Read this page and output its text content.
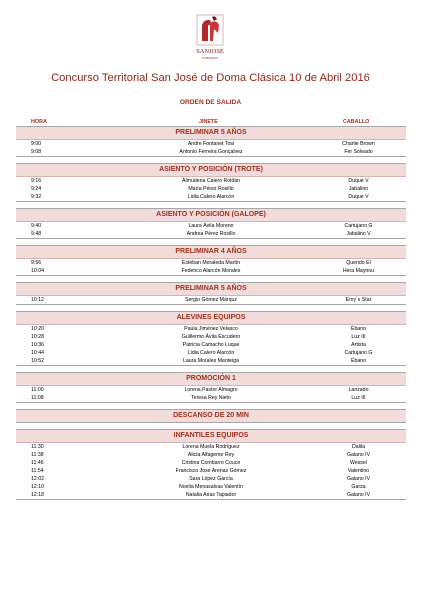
SANJOSE
CLUB HIPICO
Concurso Territorial San José de Doma Clásica 10 de Abril 2016
ORDEN DE SALIDA
HORA	JINETE	CABALLO
PRELIMINAR 5 AÑOS
9:00	Andre Fontanet Tosi	Charlie Brown
9:08	Antonio Ferreira Gonçalvez	Fer Soleado
ASIENTO Y POSICIÓN (TROTE)
9:16	Almudena Calero Roldán	Duque V
9:24	María Pérez Rosillo	Jabalino
9:32	Lidia Calero Alarcón	Duque V
ASIENTO Y POSICIÓN (GALOPE)
9:40	Laura Ávila Moreno	Cartujano G
9:48	Andrea Pérez Rosillo	Jabalino V
PRELIMINAR 4 AÑOS
9:56	Esteban Moraleda Martín	Querido El
10:04	Federico Alarcón Morales	Hera Maynou
PRELIMINAR 5 AÑOS
10:12	Sergio Gómez Márquz	Emy´s Star
ALEVINES EQUIPOS
10:20	Paula Jiménez Velasco	Ébano
10:28	Guillermo Ávila Escudero	Luz III
10:36	Patricia Camacho Luque	Artista
10:44	Lidia Calero Alarcón	Cartujano G
10:52	Laura Morales Manteiga	Ébano
PROMOCIÓN 1
11:00	Lorena Pastor Almagro	Lanzado
11:08	Teresa Rey Nieto	Luz III
DESCANSO DE 20 MIN
INFANTILES EQUIPOS
11:30	Lorena Muela Rodríguez	Dalila
11:38	Alicia Alfageme Rey	Galano IV
11:46	Cristina Combarro Couce	Wessel
11:54	Francisco Jose Arenas Gómez	Valentino
12:02	Sara López García	Galano IV
12:10	Noelia Menasalvas Valentín	Garza
12:18	Natalia Arias Tapiador	Galano IV
